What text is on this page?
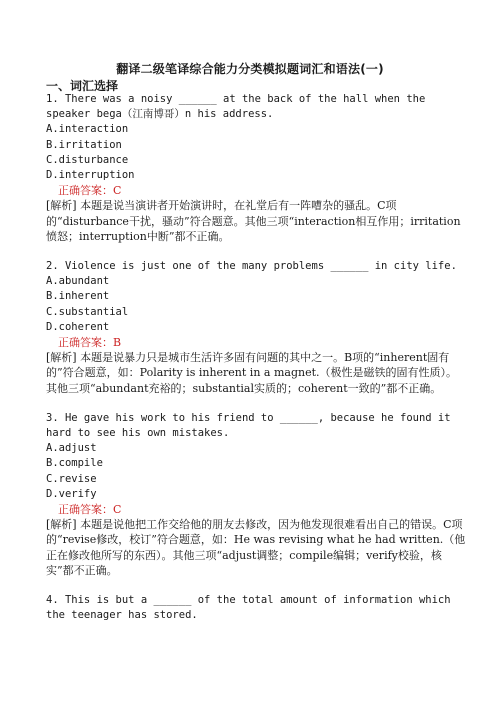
翻译二级笔译综合能力分类模拟题词汇和语法(一)
一、词汇选择
1. There was a noisy ______ at the back of the hall when the speaker bega（江南博哥）n his address.
A.interaction
B.irritation
C.disturbance
D.interruption
正确答案：C
[解析] 本题是说当演讲者开始演讲时，在礼堂后有一阵嘈杂的骚乱。C项的“disturbance干扰，骚动”符合题意。其他三项“interaction相互作用；irritation愤怒；interruption中断”都不正确。
2. Violence is just one of the many problems ______ in city life.
A.abundant
B.inherent
C.substantial
D.coherent
正确答案：B
[解析] 本题是说暴力只是城市生活许多固有问题的其中之一。B项的“inherent固有的”符合题意，如：Polarity is inherent in a magnet.（极性是磁铁的固有性质）。其他三项“abundant充裕的；substantial实质的；coherent一致的”都不正确。
3. He gave his work to his friend to ______, because he found it hard to see his own mistakes.
A.adjust
B.compile
C.revise
D.verify
正确答案：C
[解析] 本题是说他把工作交给他的朋友去修改，因为他发现很难看出自己的错误。C项的“revise修改，校订”符合题意，如：He was revising what he had written.（他正在修改他所写的东西）。其他三项“adjust调整；compile编辑；verify校验，核实”都不正确。
4. This is but a ______ of the total amount of information which the teenager has stored.
